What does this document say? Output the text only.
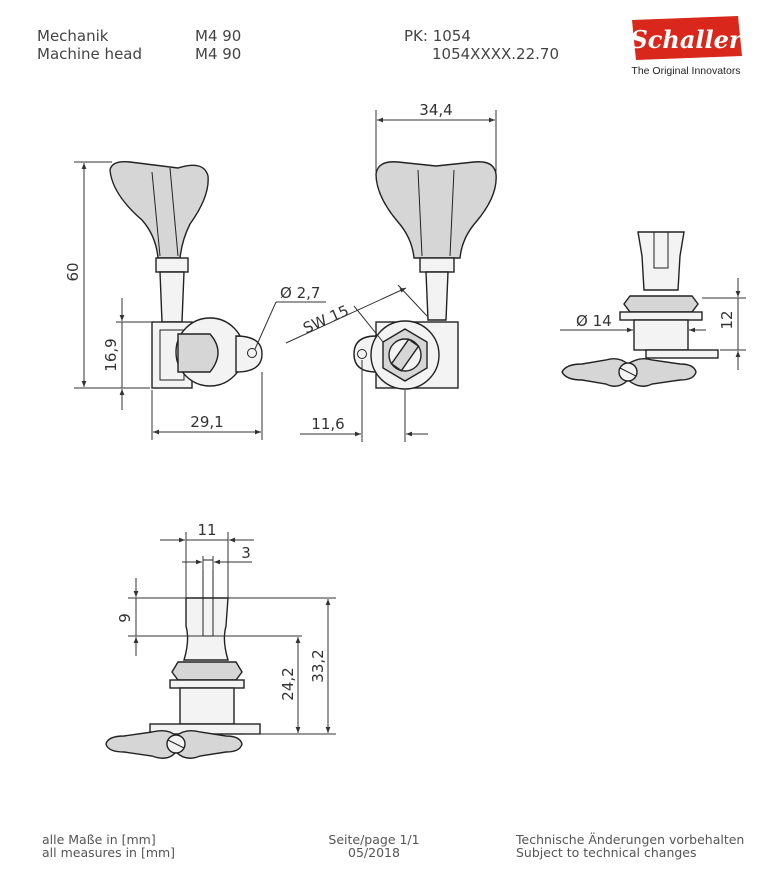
Mechanik
Machine head
M4 90
M4 90
PK: 1054
1054XXXX.22.70	Schaller
The Original Innovators
60
16,9
29,1
Ø 2,7
34,4
SW 15
11,6
Ø 14	12
11
3
9
24,2
33,2
alle Maße in [mm]
all measures in [mm]
Seite/page 1/1
05/2018
Technische Änderungen vorbehalten
Subject to technical changes
